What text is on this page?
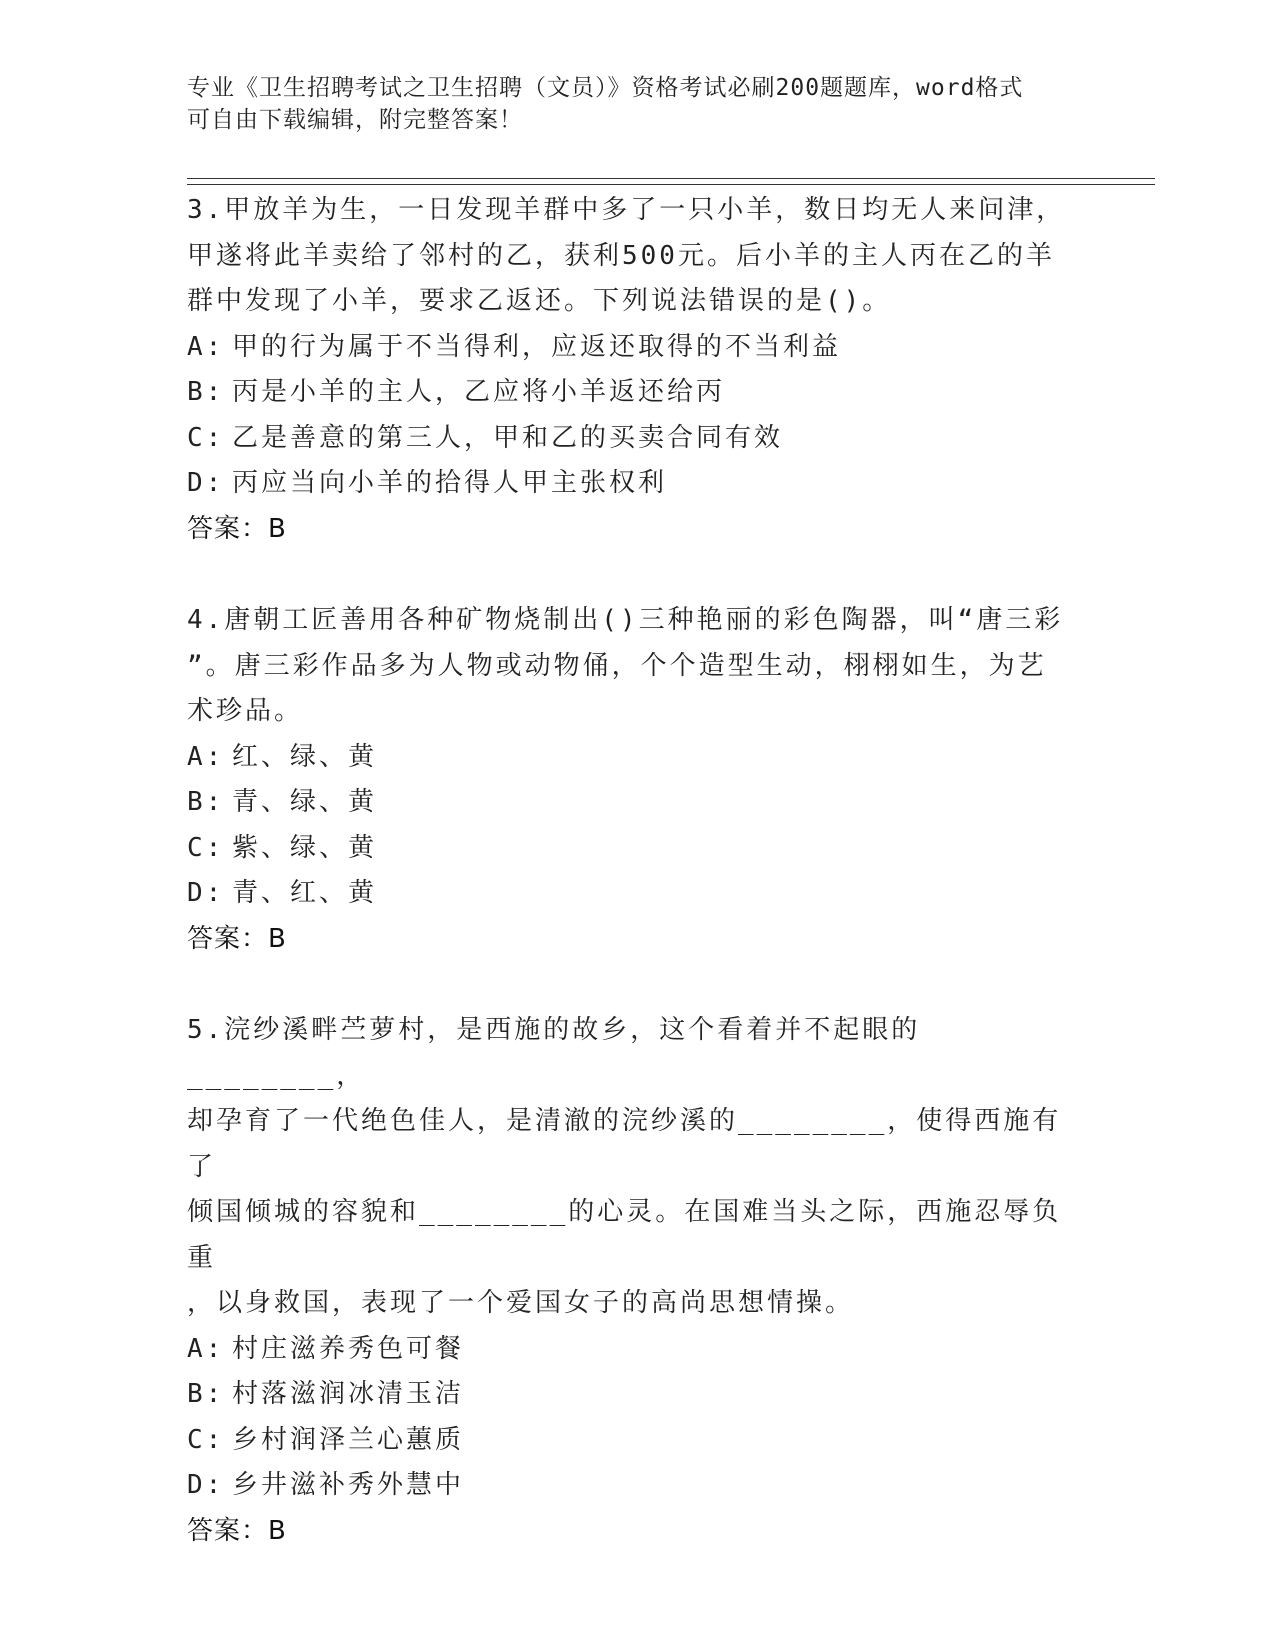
专业《卫生招聘考试之卫生招聘（文员）》资格考试必刷200题题库，word格式

可自由下载编辑，附完整答案！

3.甲放羊为生，一日发现羊群中多了一只小羊，数日均无人来问津，
甲遂将此羊卖给了邻村的乙，获利500元。后小羊的主人丙在乙的羊
群中发现了小羊，要求乙返还。下列说法错误的是()。

A: 甲的行为属于不当得利，应返还取得的不当利益
B: 丙是小羊的主人，乙应将小羊返还给丙
C: 乙是善意的第三人，甲和乙的买卖合同有效
D: 丙应当向小羊的拾得人甲主张权利
答案：B

4.唐朝工匠善用各种矿物烧制出()三种艳丽的彩色陶器，叫“唐三彩
”。唐三彩作品多为人物或动物俑，个个造型生动，栩栩如生，为艺
术珍品。

A: 红、绿、黄
B: 青、绿、黄
C: 紫、绿、黄
D: 青、红、黄
答案：B

5.浣纱溪畔苎萝村，是西施的故乡，这个看着并不起眼的________，
却孕育了一代绝色佳人，是清澈的浣纱溪的________，使得西施有了
倾国倾城的容貌和________的心灵。在国难当头之际，西施忍辱负重
，以身救国，表现了一个爱国女子的高尚思想情操。

A: 村庄滋养秀色可餐
B: 村落滋润冰清玉洁
C: 乡村润泽兰心蕙质
D: 乡井滋补秀外慧中
答案：B
